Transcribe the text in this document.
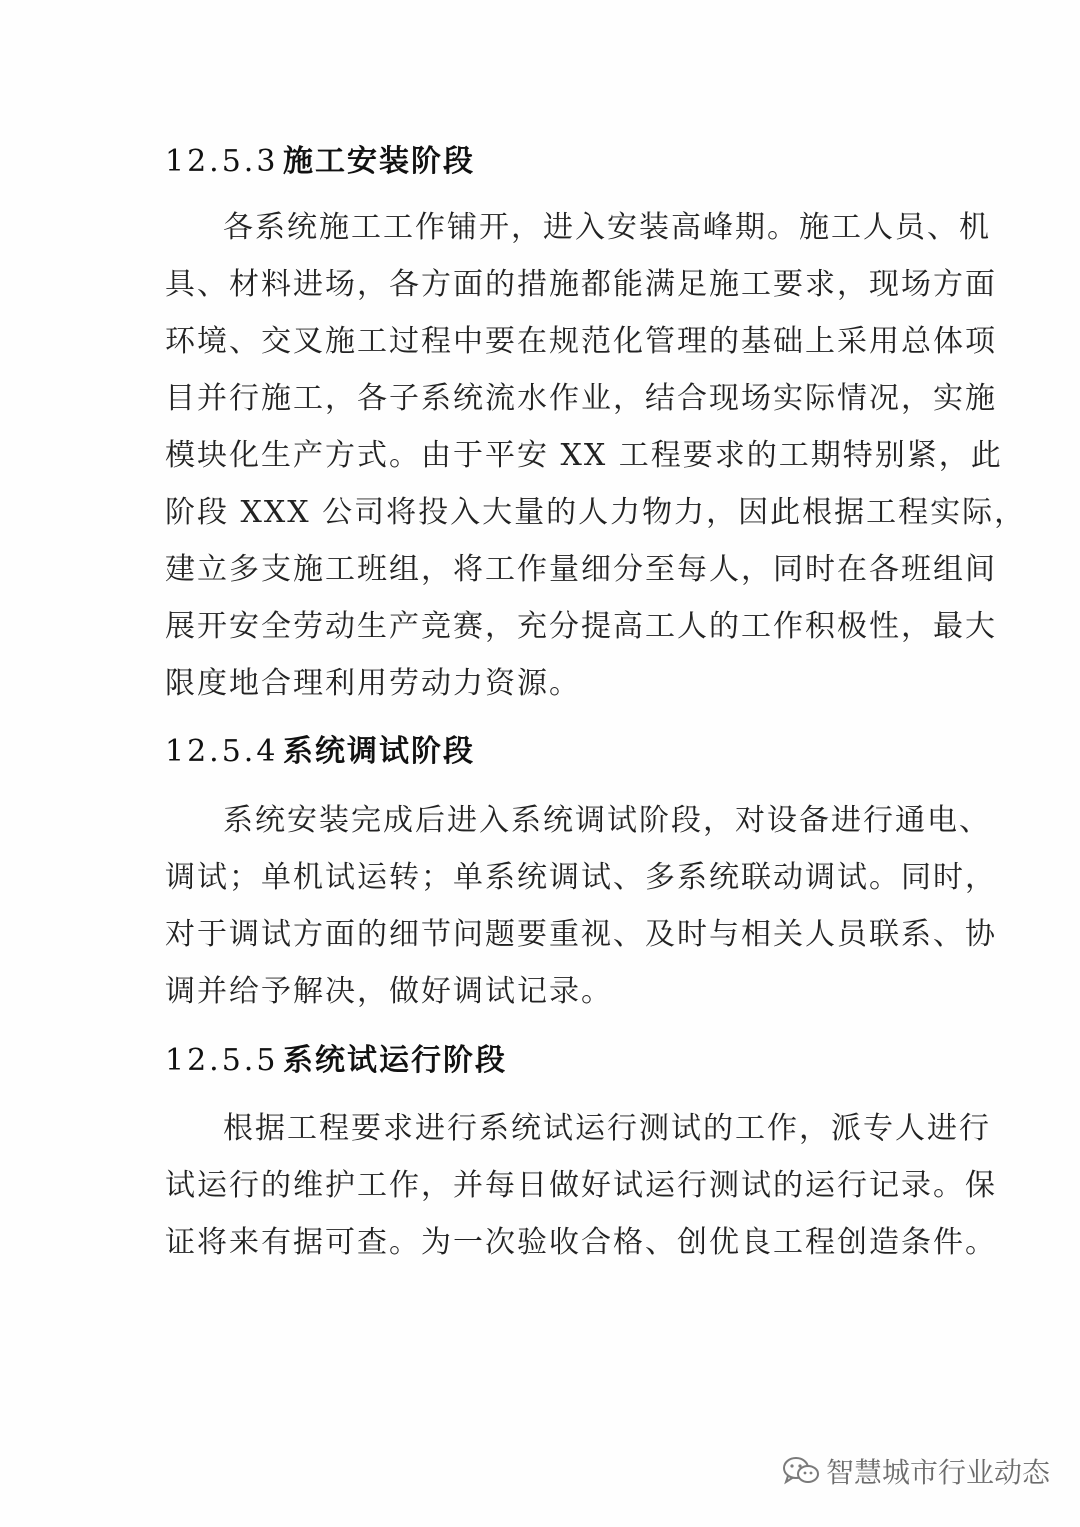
12.5.3 施工安装阶段
各系统施工工作铺开，进入安装高峰期。施工人员、机
具、材料进场，各方面的措施都能满足施工要求，现场方面
环境、交叉施工过程中要在规范化管理的基础上采用总体项
目并行施工，各子系统流水作业，结合现场实际情况，实施
模块化生产方式。由于平安 XX 工程要求的工期特别紧，此
阶段 XXX 公司将投入大量的人力物力，因此根据工程实际，
建立多支施工班组，将工作量细分至每人，同时在各班组间
展开安全劳动生产竞赛，充分提高工人的工作积极性，最大
限度地合理利用劳动力资源。
12.5.4 系统调试阶段
系统安装完成后进入系统调试阶段，对设备进行通电、
调试；单机试运转；单系统调试、多系统联动调试。同时，
对于调试方面的细节问题要重视、及时与相关人员联系、协
调并给予解决，做好调试记录。
12.5.5 系统试运行阶段
根据工程要求进行系统试运行测试的工作，派专人进行
试运行的维护工作，并每日做好试运行测试的运行记录。保
证将来有据可查。为一次验收合格、创优良工程创造条件。
智慧城市行业动态
